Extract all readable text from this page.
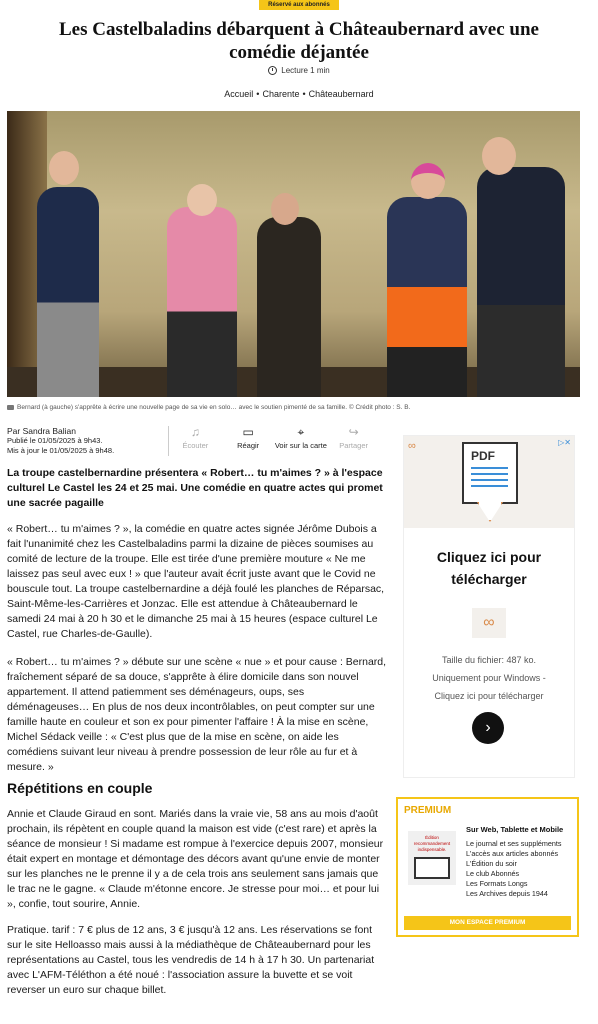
Réservé aux abonnés
Les Castelbaladins débarquent à Châteaubernard avec une comédie déjantée
Lecture 1 min
Accueil • Charente • Châteaubernard
Bernard (à gauche) s'apprête à écrire une nouvelle page de sa vie en solo… avec le soutien pimenté de sa famille. © Crédit photo : S. B.
Par Sandra Balian
Publié le 01/05/2025 à 9h43.
Mis à jour le 01/05/2025 à 9h48.
♫
Écouter
▭
Réagir
⌖
Voir sur la carte
↪
Partager

La troupe castelbernardine présentera « Robert… tu m'aimes ? » à l'espace culturel Le Castel les 24 et 25 mai. Une comédie en quatre actes qui promet une sacrée pagaille

« Robert… tu m'aimes ? », la comédie en quatre actes signée Jérôme Dubois a fait l'unanimité chez les Castelbaladins parmi la dizaine de pièces soumises au comité de lecture de la troupe. Elle est tirée d'une première mouture « Ne me laissez pas seul avec eux ! » que l'auteur avait écrit juste avant que le Covid ne bouscule tout. La troupe castelbernardine a déjà foulé les planches de Réparsac, Saint-Même-les-Carrières et Jonzac. Elle est attendue à Châteaubernard le samedi 24 mai à 20 h 30 et le dimanche 25 mai à 15 heures (espace culturel Le Castel, rue Charles-de-Gaulle).

« Robert… tu m'aimes ? » débute sur une scène « nue » et pour cause : Bernard, fraîchement séparé de sa douce, s'apprête à élire domicile dans son nouvel appartement. Il attend patiemment ses déménageurs, oups, ses déménageuses… En plus de nos deux incontrôlables, on peut compter sur une famille haute en couleur et son ex pour pimenter l'affaire ! À la mise en scène, Michel Sédack veille : « C'est plus que de la mise en scène, on aide les comédiens suivant leur niveau à prendre possession de leur rôle au fur et à mesure. »

Répétitions en couple

Annie et Claude Giraud en sont. Mariés dans la vraie vie, 58 ans au mois d'août prochain, ils répètent en couple quand la maison est vide (c'est rare) et après la séance de monsieur ! Si madame est rompue à l'exercice depuis 2007, monsieur était expert en montage et démontage des décors avant qu'une envie de monter sur les planches ne le prenne il y a de cela trois ans seulement sans jamais que le trac ne le gagne. « Claude m'étonne encore. Je stresse pour moi… et pour lui », confie, tout sourire, Annie.

Pratique. tarif : 7 € plus de 12 ans, 3 € jusqu'à 12 ans. Les réservations se font sur le site Helloasso mais aussi à la médiathèque de Châteaubernard pour les représentations au Castel, tous les vendredis de 14 h à 17 h 30. Un partenariat avec L'AFM-Téléthon a été noué : l'association assure la buvette et se voit reverser un euro sur chaque billet.

∞	▷✕
PDF
Cliquez ici pour télécharger
∞
Taille du fichier: 487 ko.
Uniquement pour Windows -
Cliquez ici pour télécharger
›
PREMIUM
Édition recommandement indispensable.
Sur Web, Tablette et Mobile
Le journal et ses suppléments
L'accès aux articles abonnés
L'Édition du soir
Le club Abonnés
Les Formats Longs
Les Archives depuis 1944
MON ESPACE PREMIUM
